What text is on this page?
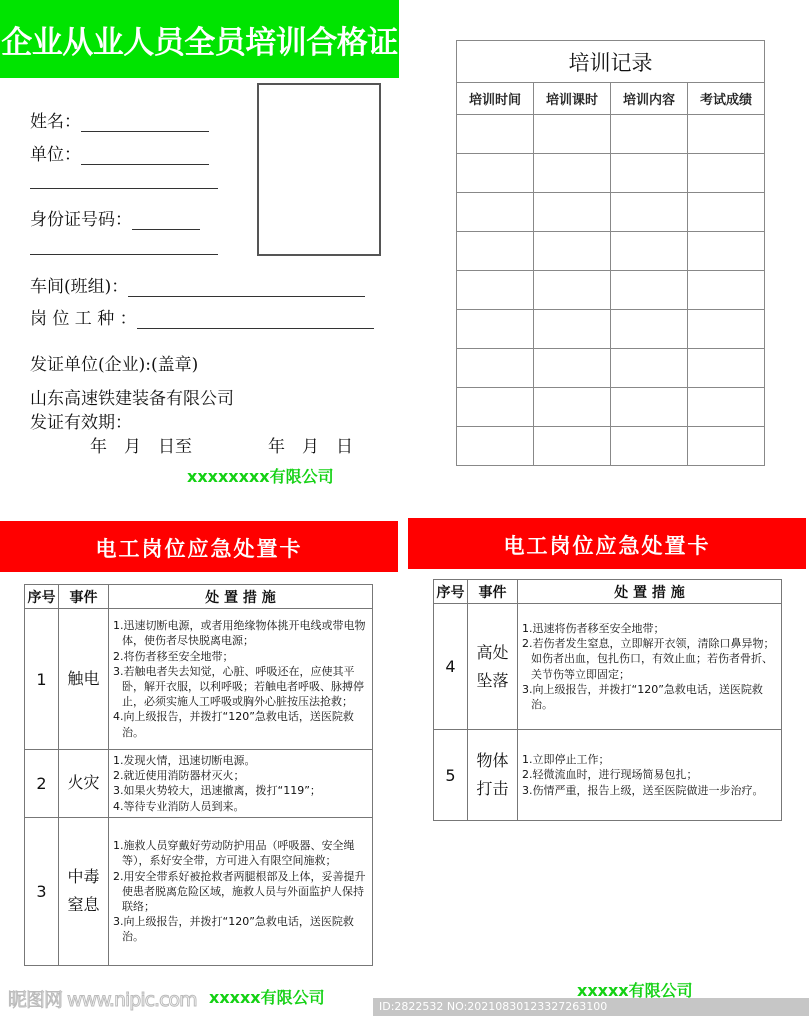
企业从业人员全员培训合格证
姓名：
单位：
身份证号码：
车间(班组)：
岗 位 工 种 ：
发证单位(企业):(盖章)
山东高速铁建装备有限公司
发证有效期：
年　月　日至	年　月　日
xxxxxxxx有限公司
培训记录			
培训时间	培训课时	培训内容	考试成绩

电工岗位应急处置卡
序号	事件	处 置 措 施
1	触电	1.迅速切断电源，或者用绝缘物体挑开电线或带电物体，使伤者尽快脱离电源；
2.将伤者移至安全地带；
3.若触电者失去知觉，心脏、呼吸还在，应使其平卧，解开衣服，以利呼吸；若触电者呼吸、脉搏停止，必须实施人工呼吸或胸外心脏按压法抢救；
4.向上级报告，并拨打“120”急救电话，送医院救治。

2	火灾	1.发现火情，迅速切断电源。
2.就近使用消防器材灭火；
3.如果火势较大，迅速撤离，拨打“119”；
4.等待专业消防人员到来。

3	中毒窒息	1.施救人员穿戴好劳动防护用品（呼吸器、安全绳等），系好安全带，方可进入有限空间施救；
2.用安全带系好被抢救者两腿根部及上体，妥善提升使患者脱离危险区域，施救人员与外面监护人保持联络；
3.向上级报告，并拨打“120”急救电话，送医院救治。
xxxxx有限公司
电工岗位应急处置卡
序号	事件	处 置 措 施
4	高处坠落	1.迅速将伤者移至安全地带；
2.若伤者发生窒息，立即解开衣领，清除口鼻异物；如伤者出血，包扎伤口，有效止血；若伤者骨折、关节伤等立即固定；
3.向上级报告，并拨打“120”急救电话，送医院救治。

5	物体打击	1.立即停止工作；
2.轻微流血时，进行现场简易包扎；
3.伤情严重，报告上级，送至医院做进一步治疗。
xxxxx有限公司
昵图网 www.nipic.com	ID:2822532 NO:20210830123327263100
